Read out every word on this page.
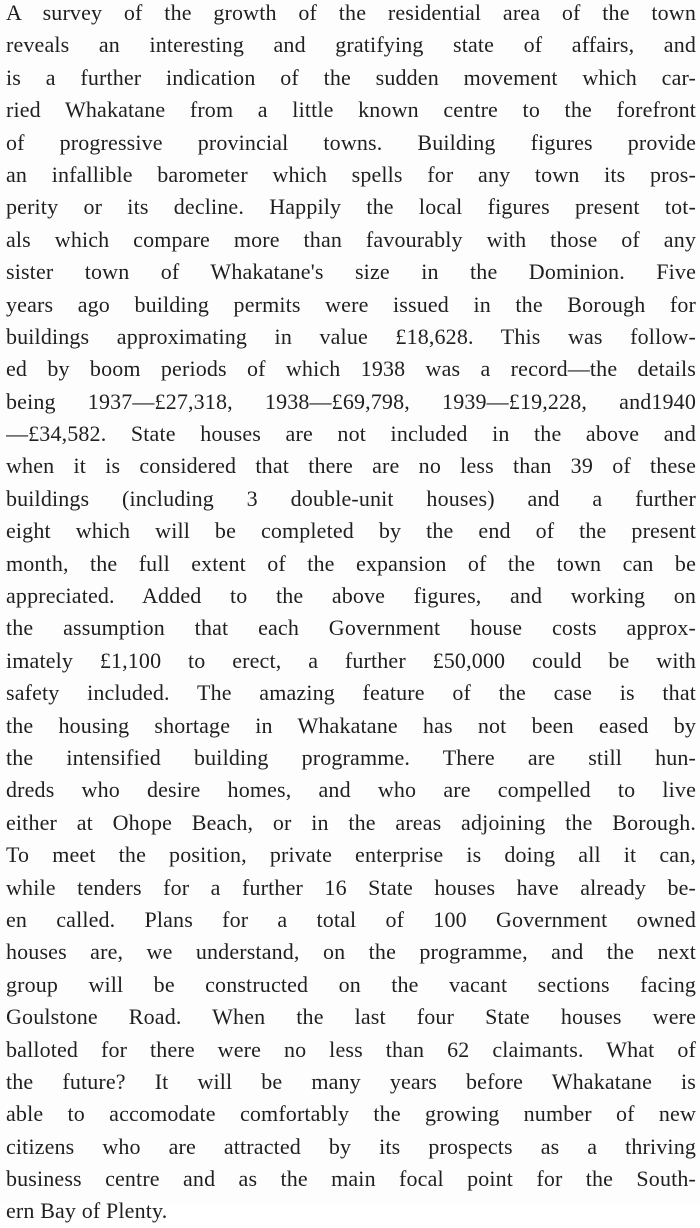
A survey of the growth of the residential area of the town
reveals an interesting and gratifying state of affairs, and
is a further indication of the sudden movement which car-
ried Whakatane from a little known centre to the forefront
of progressive provincial towns. Building figures provide
an infallible barometer which spells for any town its pros-
perity or its decline. Happily the local figures present tot-
als which compare more than favourably with those of any
sister town of Whakatane's size in the Dominion. Five
years ago building permits were issued in the Borough for
buildings approximating in value £18,628. This was follow-
ed by boom periods of which 1938 was a record—the details
being 1937—£27,318, 1938—£69,798, 1939—£19,228, and1940
—£34,582. State houses are not included in the above and
when it is considered that there are no less than 39 of these
buildings (including 3 double-unit houses) and a further
eight which will be completed by the end of the present
month, the full extent of the expansion of the town can be
appreciated. Added to the above figures, and working on
the assumption that each Government house costs approx-
imately £1,100 to erect, a further £50,000 could be with
safety included. The amazing feature of the case is that
the housing shortage in Whakatane has not been eased by
the intensified building programme. There are still hun-
dreds who desire homes, and who are compelled to live
either at Ohope Beach, or in the areas adjoining the Borough.
To meet the position, private enterprise is doing all it can,
while tenders for a further 16 State houses have already be-
en called. Plans for a total of 100 Government owned
houses are, we understand, on the programme, and the next
group will be constructed on the vacant sections facing
Goulstone Road. When the last four State houses were
balloted for there were no less than 62 claimants. What of
the future? It will be many years before Whakatane is
able to accomodate comfortably the growing number of new
citizens who are attracted by its prospects as a thriving
business centre and as the main focal point for the South-
ern Bay of Plenty.
